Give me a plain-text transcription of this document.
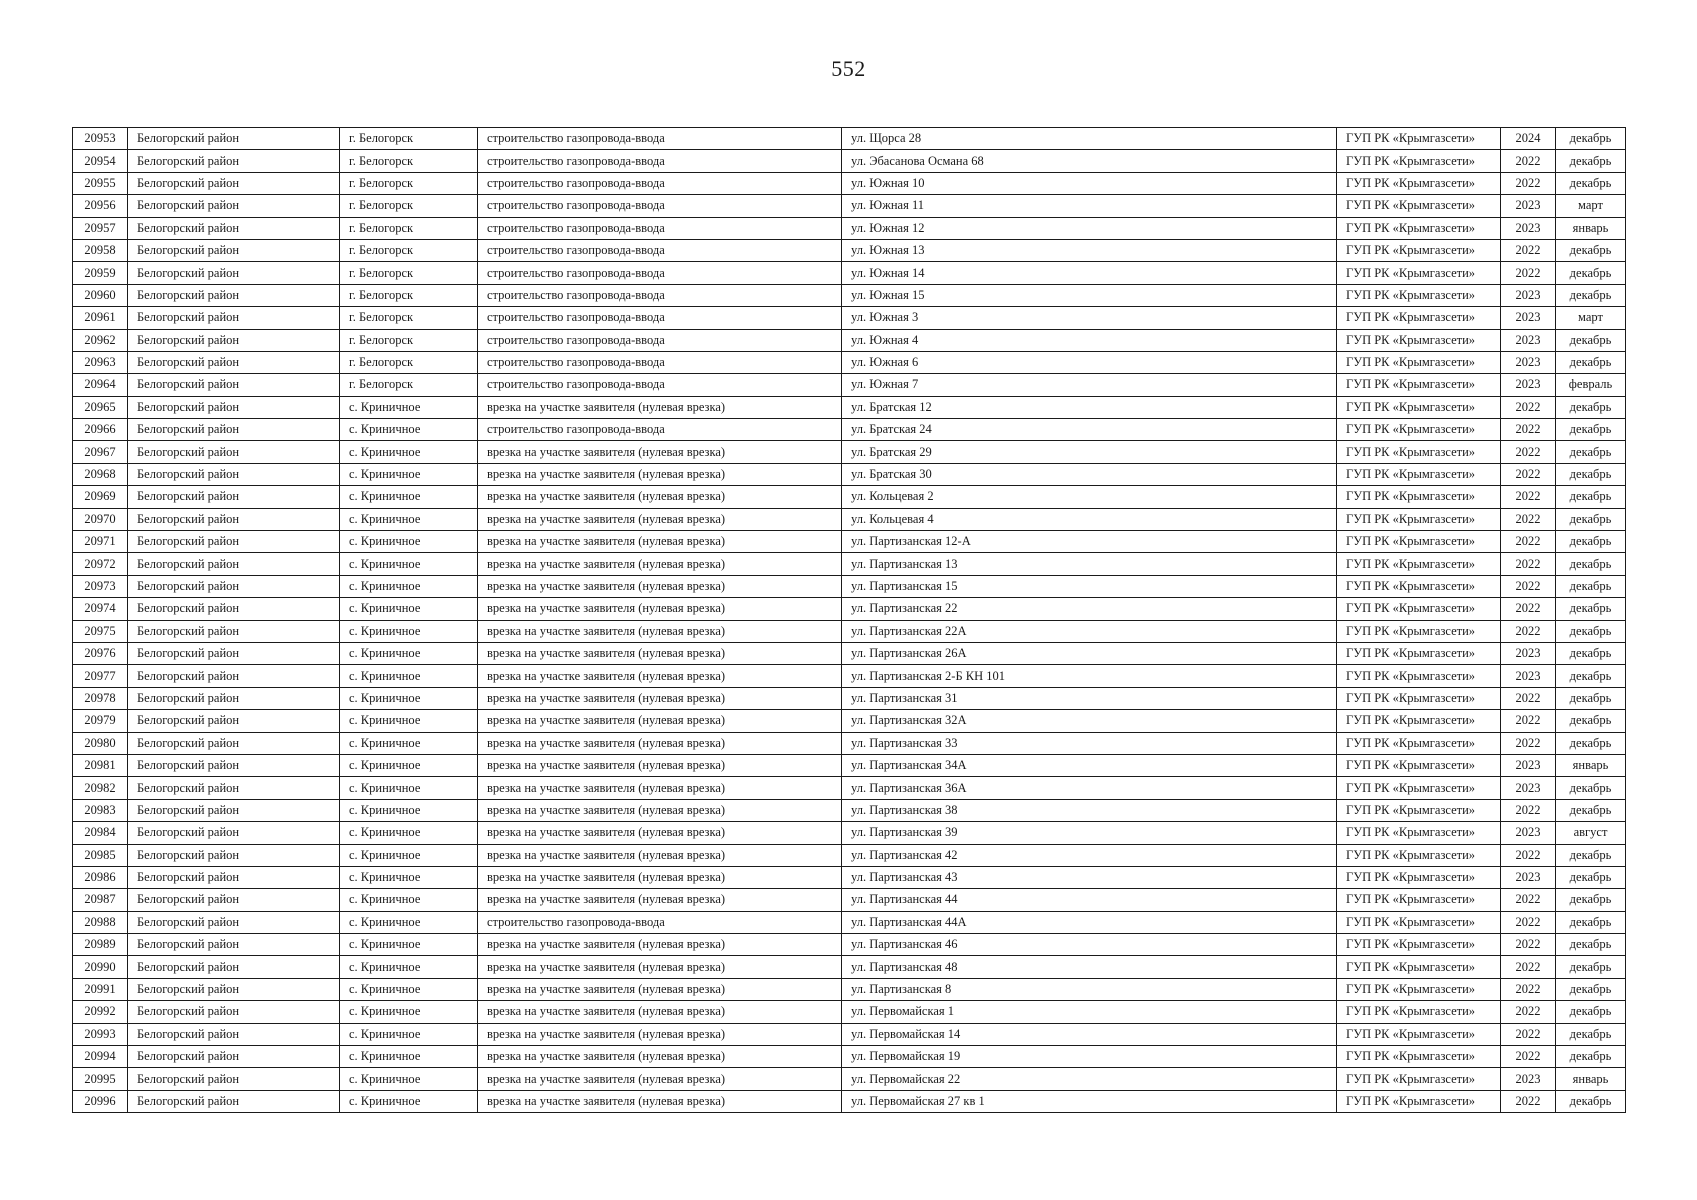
552
20953	Белогорский район	г. Белогорск	строительство газопровода-ввода	ул. Щорса 28	ГУП РК «Крымгазсети»	2024	декабрь
20954	Белогорский район	г. Белогорск	строительство газопровода-ввода	ул. Эбасанова Османа 68	ГУП РК «Крымгазсети»	2022	декабрь
20955	Белогорский район	г. Белогорск	строительство газопровода-ввода	ул. Южная 10	ГУП РК «Крымгазсети»	2022	декабрь
20956	Белогорский район	г. Белогорск	строительство газопровода-ввода	ул. Южная 11	ГУП РК «Крымгазсети»	2023	март
20957	Белогорский район	г. Белогорск	строительство газопровода-ввода	ул. Южная 12	ГУП РК «Крымгазсети»	2023	январь
20958	Белогорский район	г. Белогорск	строительство газопровода-ввода	ул. Южная 13	ГУП РК «Крымгазсети»	2022	декабрь
20959	Белогорский район	г. Белогорск	строительство газопровода-ввода	ул. Южная 14	ГУП РК «Крымгазсети»	2022	декабрь
20960	Белогорский район	г. Белогорск	строительство газопровода-ввода	ул. Южная 15	ГУП РК «Крымгазсети»	2023	декабрь
20961	Белогорский район	г. Белогорск	строительство газопровода-ввода	ул. Южная 3	ГУП РК «Крымгазсети»	2023	март
20962	Белогорский район	г. Белогорск	строительство газопровода-ввода	ул. Южная 4	ГУП РК «Крымгазсети»	2023	декабрь
20963	Белогорский район	г. Белогорск	строительство газопровода-ввода	ул. Южная 6	ГУП РК «Крымгазсети»	2023	декабрь
20964	Белогорский район	г. Белогорск	строительство газопровода-ввода	ул. Южная 7	ГУП РК «Крымгазсети»	2023	февраль
20965	Белогорский район	с. Криничное	врезка на участке заявителя (нулевая врезка)	ул. Братская 12	ГУП РК «Крымгазсети»	2022	декабрь
20966	Белогорский район	с. Криничное	строительство газопровода-ввода	ул. Братская 24	ГУП РК «Крымгазсети»	2022	декабрь
20967	Белогорский район	с. Криничное	врезка на участке заявителя (нулевая врезка)	ул. Братская 29	ГУП РК «Крымгазсети»	2022	декабрь
20968	Белогорский район	с. Криничное	врезка на участке заявителя (нулевая врезка)	ул. Братская 30	ГУП РК «Крымгазсети»	2022	декабрь
20969	Белогорский район	с. Криничное	врезка на участке заявителя (нулевая врезка)	ул. Кольцевая 2	ГУП РК «Крымгазсети»	2022	декабрь
20970	Белогорский район	с. Криничное	врезка на участке заявителя (нулевая врезка)	ул. Кольцевая 4	ГУП РК «Крымгазсети»	2022	декабрь
20971	Белогорский район	с. Криничное	врезка на участке заявителя (нулевая врезка)	ул. Партизанская 12-А	ГУП РК «Крымгазсети»	2022	декабрь
20972	Белогорский район	с. Криничное	врезка на участке заявителя (нулевая врезка)	ул. Партизанская 13	ГУП РК «Крымгазсети»	2022	декабрь
20973	Белогорский район	с. Криничное	врезка на участке заявителя (нулевая врезка)	ул. Партизанская 15	ГУП РК «Крымгазсети»	2022	декабрь
20974	Белогорский район	с. Криничное	врезка на участке заявителя (нулевая врезка)	ул. Партизанская 22	ГУП РК «Крымгазсети»	2022	декабрь
20975	Белогорский район	с. Криничное	врезка на участке заявителя (нулевая врезка)	ул. Партизанская 22А	ГУП РК «Крымгазсети»	2022	декабрь
20976	Белогорский район	с. Криничное	врезка на участке заявителя (нулевая врезка)	ул. Партизанская 26А	ГУП РК «Крымгазсети»	2023	декабрь
20977	Белогорский район	с. Криничное	врезка на участке заявителя (нулевая врезка)	ул. Партизанская 2-Б КН 101	ГУП РК «Крымгазсети»	2023	декабрь
20978	Белогорский район	с. Криничное	врезка на участке заявителя (нулевая врезка)	ул. Партизанская 31	ГУП РК «Крымгазсети»	2022	декабрь
20979	Белогорский район	с. Криничное	врезка на участке заявителя (нулевая врезка)	ул. Партизанская 32А	ГУП РК «Крымгазсети»	2022	декабрь
20980	Белогорский район	с. Криничное	врезка на участке заявителя (нулевая врезка)	ул. Партизанская 33	ГУП РК «Крымгазсети»	2022	декабрь
20981	Белогорский район	с. Криничное	врезка на участке заявителя (нулевая врезка)	ул. Партизанская 34А	ГУП РК «Крымгазсети»	2023	январь
20982	Белогорский район	с. Криничное	врезка на участке заявителя (нулевая врезка)	ул. Партизанская 36А	ГУП РК «Крымгазсети»	2023	декабрь
20983	Белогорский район	с. Криничное	врезка на участке заявителя (нулевая врезка)	ул. Партизанская 38	ГУП РК «Крымгазсети»	2022	декабрь
20984	Белогорский район	с. Криничное	врезка на участке заявителя (нулевая врезка)	ул. Партизанская 39	ГУП РК «Крымгазсети»	2023	август
20985	Белогорский район	с. Криничное	врезка на участке заявителя (нулевая врезка)	ул. Партизанская 42	ГУП РК «Крымгазсети»	2022	декабрь
20986	Белогорский район	с. Криничное	врезка на участке заявителя (нулевая врезка)	ул. Партизанская 43	ГУП РК «Крымгазсети»	2023	декабрь
20987	Белогорский район	с. Криничное	врезка на участке заявителя (нулевая врезка)	ул. Партизанская 44	ГУП РК «Крымгазсети»	2022	декабрь
20988	Белогорский район	с. Криничное	строительство газопровода-ввода	ул. Партизанская 44А	ГУП РК «Крымгазсети»	2022	декабрь
20989	Белогорский район	с. Криничное	врезка на участке заявителя (нулевая врезка)	ул. Партизанская 46	ГУП РК «Крымгазсети»	2022	декабрь
20990	Белогорский район	с. Криничное	врезка на участке заявителя (нулевая врезка)	ул. Партизанская 48	ГУП РК «Крымгазсети»	2022	декабрь
20991	Белогорский район	с. Криничное	врезка на участке заявителя (нулевая врезка)	ул. Партизанская 8	ГУП РК «Крымгазсети»	2022	декабрь
20992	Белогорский район	с. Криничное	врезка на участке заявителя (нулевая врезка)	ул. Первомайская 1	ГУП РК «Крымгазсети»	2022	декабрь
20993	Белогорский район	с. Криничное	врезка на участке заявителя (нулевая врезка)	ул. Первомайская 14	ГУП РК «Крымгазсети»	2022	декабрь
20994	Белогорский район	с. Криничное	врезка на участке заявителя (нулевая врезка)	ул. Первомайская 19	ГУП РК «Крымгазсети»	2022	декабрь
20995	Белогорский район	с. Криничное	врезка на участке заявителя (нулевая врезка)	ул. Первомайская 22	ГУП РК «Крымгазсети»	2023	январь
20996	Белогорский район	с. Криничное	врезка на участке заявителя (нулевая врезка)	ул. Первомайская 27 кв 1	ГУП РК «Крымгазсети»	2022	декабрь
